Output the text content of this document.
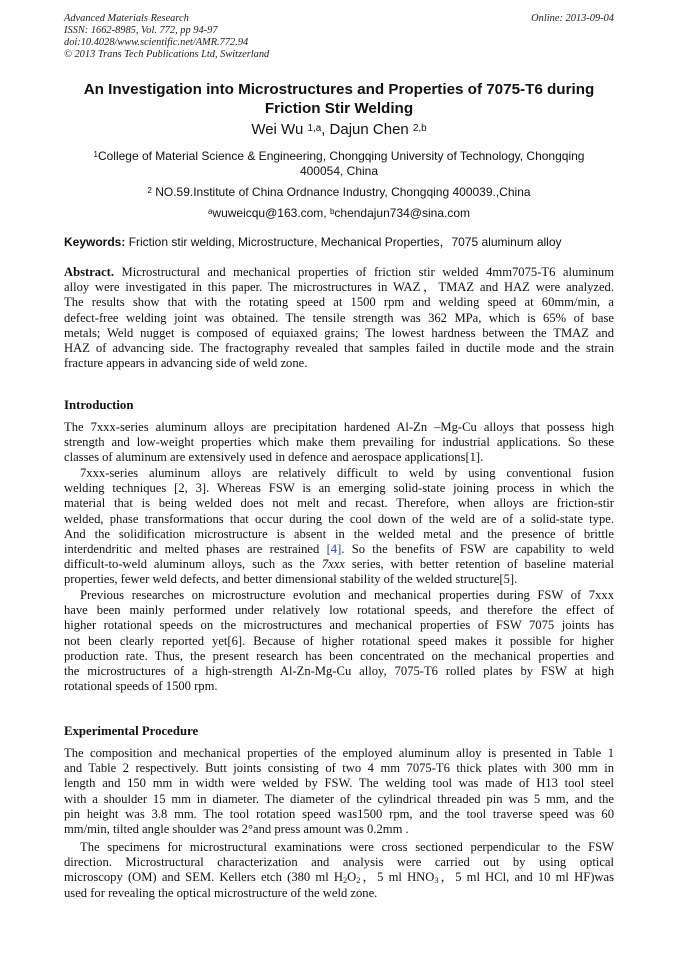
Advanced Materials Research
ISSN: 1662-8985, Vol. 772, pp 94-97
doi:10.4028/www.scientific.net/AMR.772.94
© 2013 Trans Tech Publications Ltd, Switzerland
Online: 2013-09-04
An Investigation into Microstructures and Properties of 7075-T6 during
Friction Stir Welding
Wei Wu $^{1,a}$, Dajun Chen $^{2,b}$
$^1$College of Material Science & Engineering, Chongqing University of Technology, Chongqing
400054, China
$^2$ NO.59.Institute of China Ordnance Industry, Chongqing 400039.,China
$^a$wuweicqu@163.com, $^b$chendajun734@sina.com
Keywords: Friction stir welding, Microstructure, Mechanical Properties，7075 aluminum alloy
Abstract. Microstructural and mechanical properties of friction stir welded 4mm7075-T6 aluminum
alloy were investigated in this paper. The microstructures in WAZ，TMAZ and HAZ were analyzed.
The results show that with the rotating speed at 1500 rpm and welding speed at 60mm/min, a
defect-free welding joint was obtained. The tensile strength was 362 MPa, which is 65% of base
metals; Weld nugget is composed of equiaxed grains; The lowest hardness between the TMAZ and
HAZ of advancing side. The fractography revealed that samples failed in ductile mode and the strain
fracture appears in advancing side of weld zone.
Introduction
The 7xxx-series aluminum alloys are precipitation hardened Al-Zn –Mg-Cu alloys that possess high
strength and low-weight properties which make them prevailing for industrial applications. So these
classes of aluminum are extensively used in defence and aerospace applications[1].
7xxx-series aluminum alloys are relatively difficult to weld by using conventional fusion
welding techniques [2, 3]. Whereas FSW is an emerging solid-state joining process in which the
material that is being welded does not melt and recast. Therefore, when alloys are friction-stir
welded, phase transformations that occur during the cool down of the weld are of a solid-state type.
And the solidification microstructure is absent in the welded metal and the presence of brittle
interdendritic and melted phases are restrained [4]. So the benefits of FSW are capability to weld
difficult-to-weld aluminum alloys, such as the 7xxx series, with better retention of baseline material
properties, fewer weld defects, and better dimensional stability of the welded structure[5].
Previous researches on microstructure evolution and mechanical properties during FSW of 7xxx
have been mainly performed under relatively low rotational speeds, and therefore the effect of
higher rotational speeds on the microstructures and mechanical properties of FSW 7075 joints has
not been clearly reported yet[6]. Because of higher rotational speed makes it possible for higher
production rate. Thus, the present research has been concentrated on the mechanical properties and
the microstructures of a high-strength Al-Zn-Mg-Cu alloy, 7075-T6 rolled plates by FSW at high
rotational speeds of 1500 rpm.
Experimental Procedure
The composition and mechanical properties of the employed aluminum alloy is presented in Table 1
and Table 2 respectively. Butt joints consisting of two 4 mm 7075-T6 thick plates with 300 mm in
length and 150 mm in width were welded by FSW. The welding tool was made of H13 tool steel
with a shoulder 15 mm in diameter. The diameter of the cylindrical threaded pin was 5 mm, and the
pin height was 3.8 mm. The tool rotation speed was1500 rpm, and the tool traverse speed was 60
mm/min, tilted angle shoulder was 2°and press amount was 0.2mm .
The specimens for microstructural examinations were cross sectioned perpendicular to the FSW
direction. Microstructural characterization and analysis were carried out by using optical
microscopy (OM) and SEM. Kellers etch (380 ml $H_2O_2$，5 ml $HNO_3$，5 ml HCl, and 10 ml HF)was
used for revealing the optical microstructure of the weld zone.
